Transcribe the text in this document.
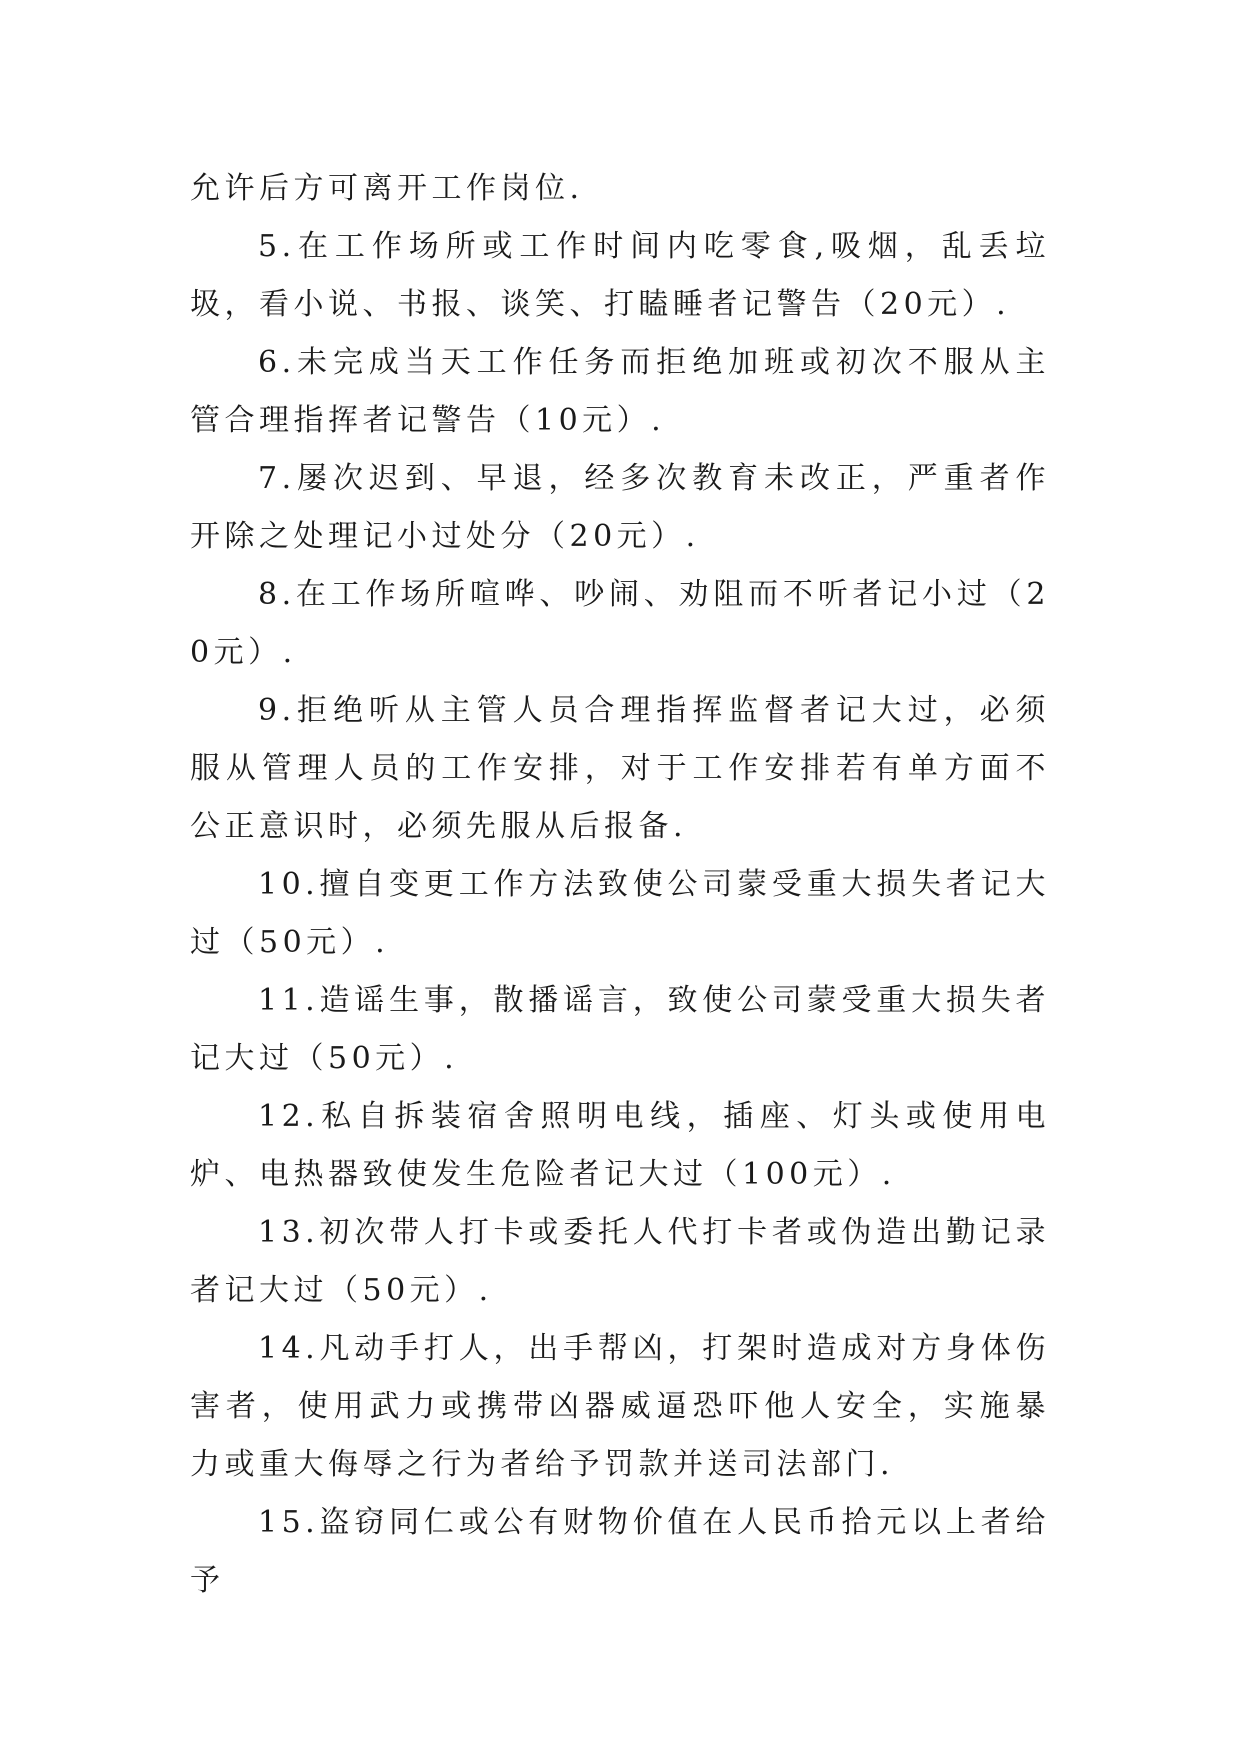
允许后方可离开工作岗位.

5.在工作场所或工作时间内吃零食,吸烟，乱丢垃圾，看小说、书报、谈笑、打瞌睡者记警告（20元）.

6.未完成当天工作任务而拒绝加班或初次不服从主管合理指挥者记警告（10元）.

7.屡次迟到、早退，经多次教育未改正，严重者作开除之处理记小过处分（20元）.

8.在工作场所喧哗、吵闹、劝阻而不听者记小过（20元）.

9.拒绝听从主管人员合理指挥监督者记大过，必须服从管理人员的工作安排，对于工作安排若有单方面不公正意识时，必须先服从后报备.

10.擅自变更工作方法致使公司蒙受重大损失者记大过（50元）.

11.造谣生事，散播谣言，致使公司蒙受重大损失者记大过（50元）.

12.私自拆装宿舍照明电线，插座、灯头或使用电炉、电热器致使发生危险者记大过（100元）.

13.初次带人打卡或委托人代打卡者或伪造出勤记录者记大过（50元）.

14.凡动手打人，出手帮凶，打架时造成对方身体伤害者，使用武力或携带凶器威逼恐吓他人安全，实施暴力或重大侮辱之行为者给予罚款并送司法部门.

15.盗窃同仁或公有财物价值在人民币拾元以上者给予
